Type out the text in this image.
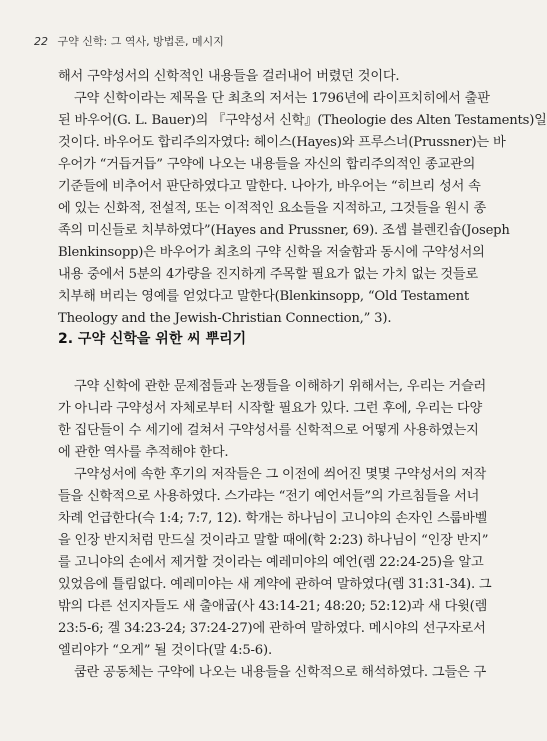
22 구약 신학: 그 역사, 방법론, 메시지
해서 구약성서의 신학적인 내용들을 걸러내어 버렸던 것이다.
구약 신학이라는 제목을 단 최초의 저서는 1796년에 라이프치히에서 출판
된 바우어(G. L. Bauer)의 『구약성서 신학』(Theologie des Alten Testaments)일
것이다. 바우어도 합리주의자였다: 헤이스(Hayes)와 프루스너(Prussner)는 바
우어가 “거듭거듭” 구약에 나오는 내용들을 자신의 합리주의적인 종교관의
기준들에 비추어서 판단하였다고 말한다. 나아가, 바우어는 “히브리 성서 속
에 있는 신화적, 전설적, 또는 이적적인 요소들을 지적하고, 그것들을 원시 종
족의 미신들로 치부하였다”(Hayes and Prussner, 69). 조셉 블렌킨솝(Joseph
Blenkinsopp)은 바우어가 최초의 구약 신학을 저술함과 동시에 구약성서의
내용 중에서 5분의 4가량을 진지하게 주목할 필요가 없는 가치 없는 것들로
치부해 버리는 영예를 얻었다고 말한다(Blenkinsopp, “Old Testament
Theology and the Jewish-Christian Connection,” 3).
2. 구약 신학을 위한 씨 뿌리기
구약 신학에 관한 문제점들과 논쟁들을 이해하기 위해서는, 우리는 거슬러
가 아니라 구약성서 자체로부터 시작할 필요가 있다. 그런 후에, 우리는 다양
한 집단들이 수 세기에 걸쳐서 구약성서를 신학적으로 어떻게 사용하였는지
에 관한 역사를 추적해야 한다.
구약성서에 속한 후기의 저작들은 그 이전에 씌어진 몇몇 구약성서의 저작
들을 신학적으로 사용하였다. 스가랴는 “전기 예언서들”의 가르침들을 서너
차례 언급한다(슥 1:4; 7:7, 12). 학개는 하나님이 고니야의 손자인 스룹바벨
을 인장 반지처럼 만드실 것이라고 말할 때에(학 2:23) 하나님이 “인장 반지”
를 고니야의 손에서 제거할 것이라는 예레미야의 예언(렘 22:24-25)을 알고
있었음에 틀림없다. 예레미야는 새 계약에 관하여 말하였다(렘 31:31-34). 그
밖의 다른 선지자들도 새 출애굽(사 43:14-21; 48:20; 52:12)과 새 다윗(렘
23:5-6; 겔 34:23-24; 37:24-27)에 관하여 말하였다. 메시야의 선구자로서
엘리야가 “오게” 될 것이다(말 4:5-6).
쿰란 공동체는 구약에 나오는 내용들을 신학적으로 해석하였다. 그들은 구
